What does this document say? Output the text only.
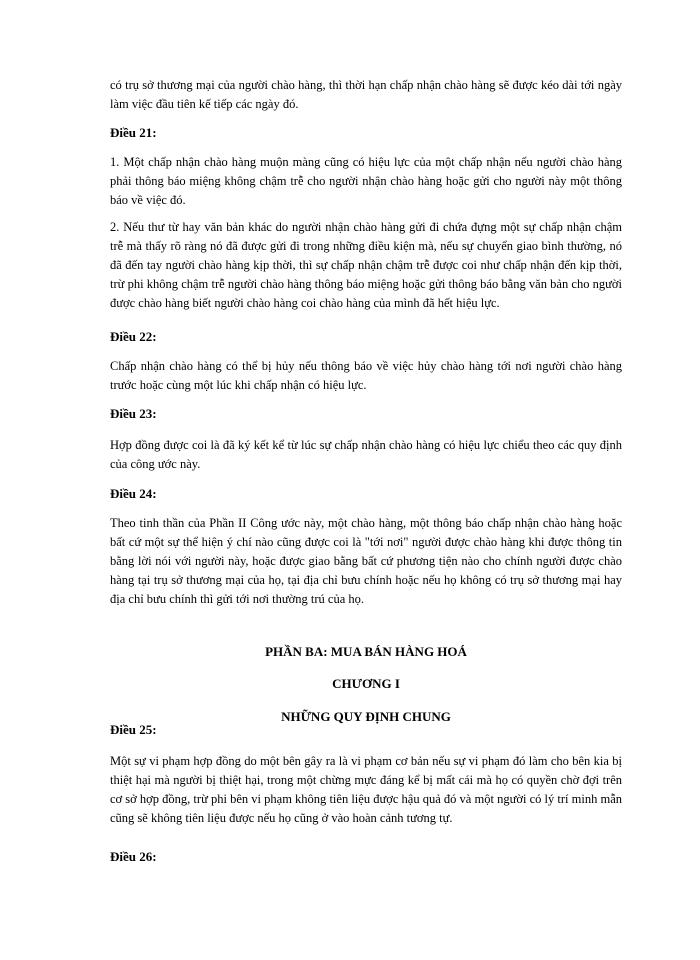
có trụ sở thương mại của người chào hàng, thì thời hạn chấp nhận chào hàng sẽ được kéo dài tới ngày làm việc đầu tiên kế tiếp các ngày đó.

Điều 21:

1. Một chấp nhận chào hàng muộn màng cũng có hiệu lực của một chấp nhận nếu người chào hàng phải thông báo miệng không chậm trễ cho người nhận chào hàng hoặc gửi cho người này một thông báo về việc đó.

2. Nếu thư từ hay văn bản khác do người nhận chào hàng gửi đi chứa đựng một sự chấp nhận chậm trễ mà thấy rõ ràng nó đã được gửi đi trong những điều kiện mà, nếu sự chuyển giao bình thường, nó đã đến tay người chào hàng kịp thời, thì sự chấp nhận chậm trễ được coi như chấp nhận đến kịp thời, trừ phi không chậm trễ người chào hàng thông báo miệng hoặc gửi thông báo bằng văn bản cho người được chào hàng biết người chào hàng coi chào hàng của mình đã hết hiệu lực.

Điều 22:

Chấp nhận chào hàng có thể bị hủy nếu thông báo về việc hủy chào hàng tới nơi người chào hàng trước hoặc cùng một lúc khi chấp nhận có hiệu lực.

Điều 23:

Hợp đồng được coi là đã ký kết kể từ lúc sự chấp nhận chào hàng có hiệu lực chiểu theo các quy định của công ước này.

Điều 24:

Theo tinh thần của Phần II Công ước này, một chào hàng, một thông báo chấp nhận chào hàng hoặc bất cứ một sự thể hiện ý chí nào cũng được coi là "tới nơi" người được chào hàng khi được thông tin bằng lời nói với người này, hoặc được giao bằng bất cứ phương tiện nào cho chính người được chào hàng tại trụ sở thương mại của họ, tại địa chỉ bưu chính hoặc nếu họ không có trụ sở thương mại hay địa chỉ bưu chính thì gửi tới nơi thường trú của họ.

PHẦN BA: MUA BÁN HÀNG HOÁ
CHƯƠNG I
NHỮNG QUY ĐỊNH CHUNG
Điều 25:

Một sự vi phạm hợp đồng do một bên gây ra là vi phạm cơ bản nếu sự vi phạm đó làm cho bên kia bị thiệt hại mà người bị thiệt hại, trong một chừng mực đáng kể bị mất cái mà họ có quyền chờ đợi trên cơ sở hợp đồng, trừ phi bên vi phạm không tiên liệu được hậu quả đó và một người có lý trí minh mẫn cũng sẽ không tiên liệu được nếu họ cũng ở vào hoàn cảnh tương tự.

Điều 26:
